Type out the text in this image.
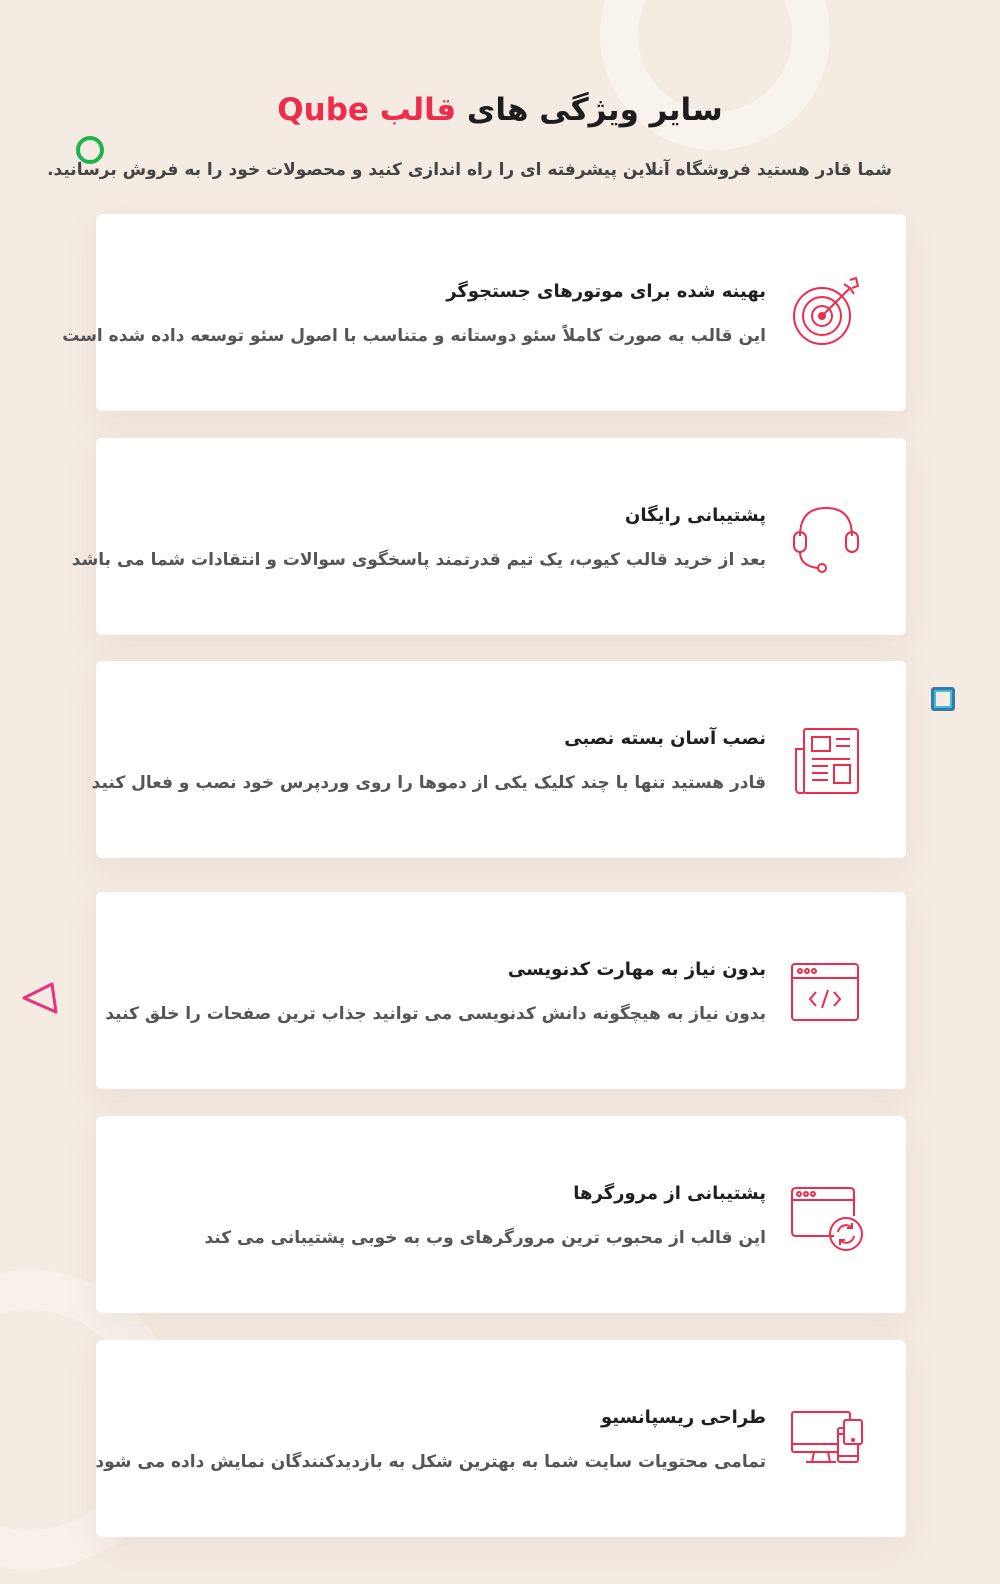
سایر ویژگی های قالب Qube

شما قادر هستید فروشگاه آنلاین پیشرفته ای را راه اندازی کنید و محصولات خود را به فروش برسانید.

بهینه شده برای موتورهای جستجوگر

این قالب به صورت کاملاً سئو دوستانه و متناسب با اصول سئو توسعه داده شده است

پشتیبانی رایگان

بعد از خرید قالب کیوب، یک تیم قدرتمند پاسخگوی سوالات و انتقادات شما می باشد

نصب آسان بسته نصبی

قادر هستید تنها با چند کلیک یکی از دموها را روی وردپرس خود نصب و فعال کنید

بدون نیاز به مهارت کدنویسی

بدون نیاز به هیچگونه دانش کدنویسی می توانید جذاب ترین صفحات را خلق کنید

پشتیبانی از مرورگرها

این قالب از محبوب ترین مرورگرهای وب به خوبی پشتیبانی می کند

طراحی ریسپانسیو

تمامی محتویات سایت شما به بهترین شکل به بازدیدکنندگان نمایش داده می شود
